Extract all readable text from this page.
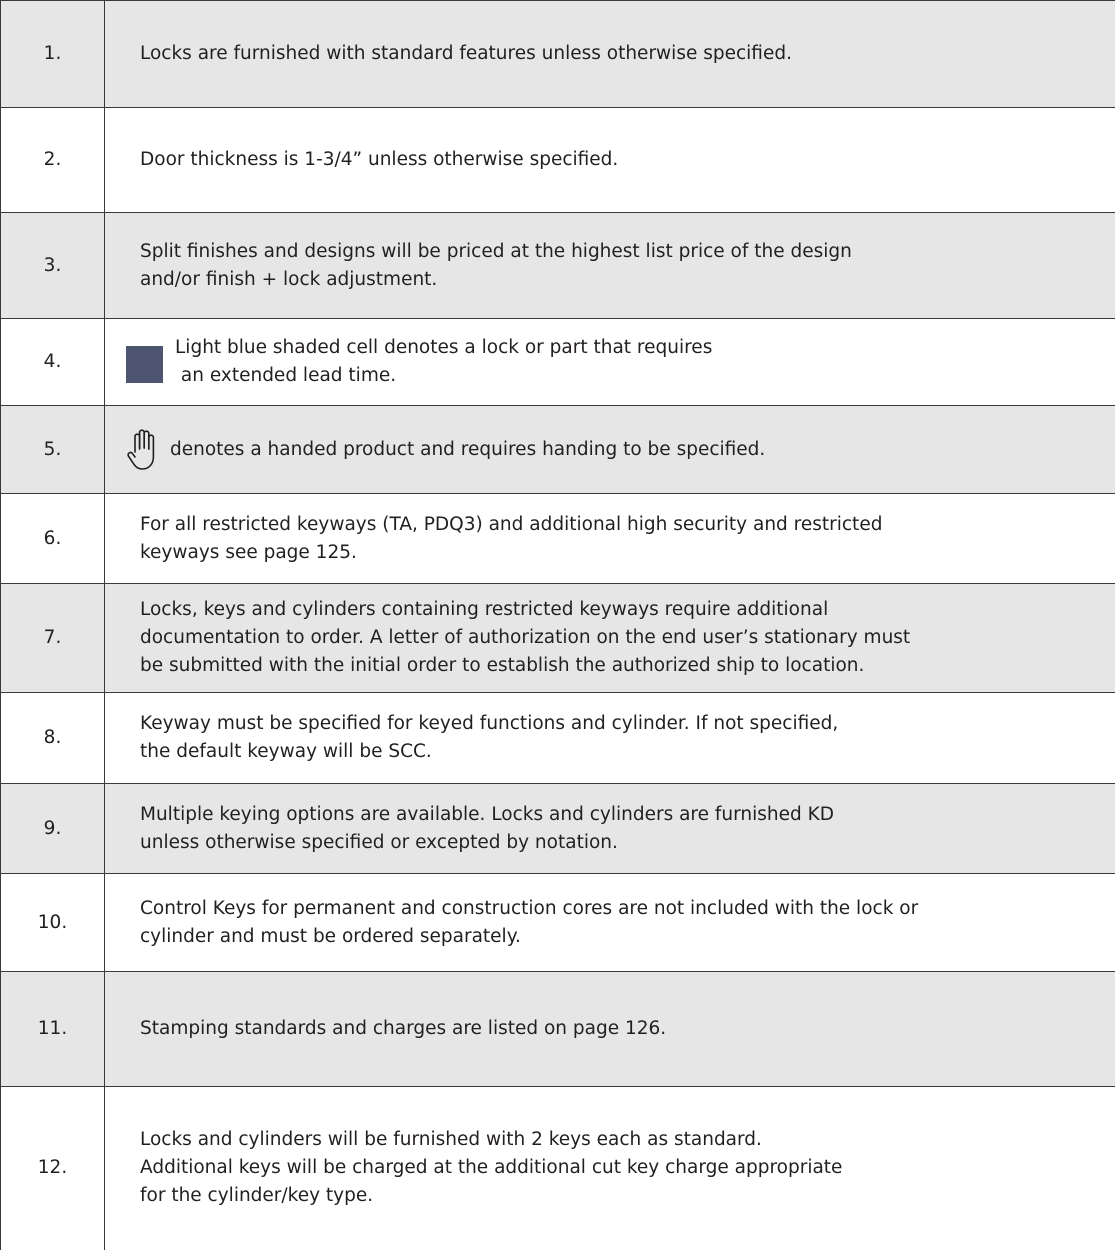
1.	Locks are furnished with standard features unless otherwise specified.

2.	Door thickness is 1-3/4” unless otherwise specified.

3.	Split finishes and designs will be priced at the highest list price of the design
and/or finish + lock adjustment.

4.	Light blue shaded cell denotes a lock or part that requires
an extended lead time.

5.	denotes a handed product and requires handing to be specified.

6.	For all restricted keyways (TA, PDQ3) and additional high security and restricted
keyways see page 125.

7.	Locks, keys and cylinders containing restricted keyways require additional
documentation to order. A letter of authorization on the end user’s stationary must
be submitted with the initial order to establish the authorized ship to location.

8.	Keyway must be specified for keyed functions and cylinder. If not specified,
the default keyway will be SCC.

9.	Multiple keying options are available. Locks and cylinders are furnished KD
unless otherwise specified or excepted by notation.

10.	Control Keys for permanent and construction cores are not included with the lock or
cylinder and must be ordered separately.

11.	Stamping standards and charges are listed on page 126.

12.	Locks and cylinders will be furnished with 2 keys each as standard.
Additional keys will be charged at the additional cut key charge appropriate
for the cylinder/key type.
